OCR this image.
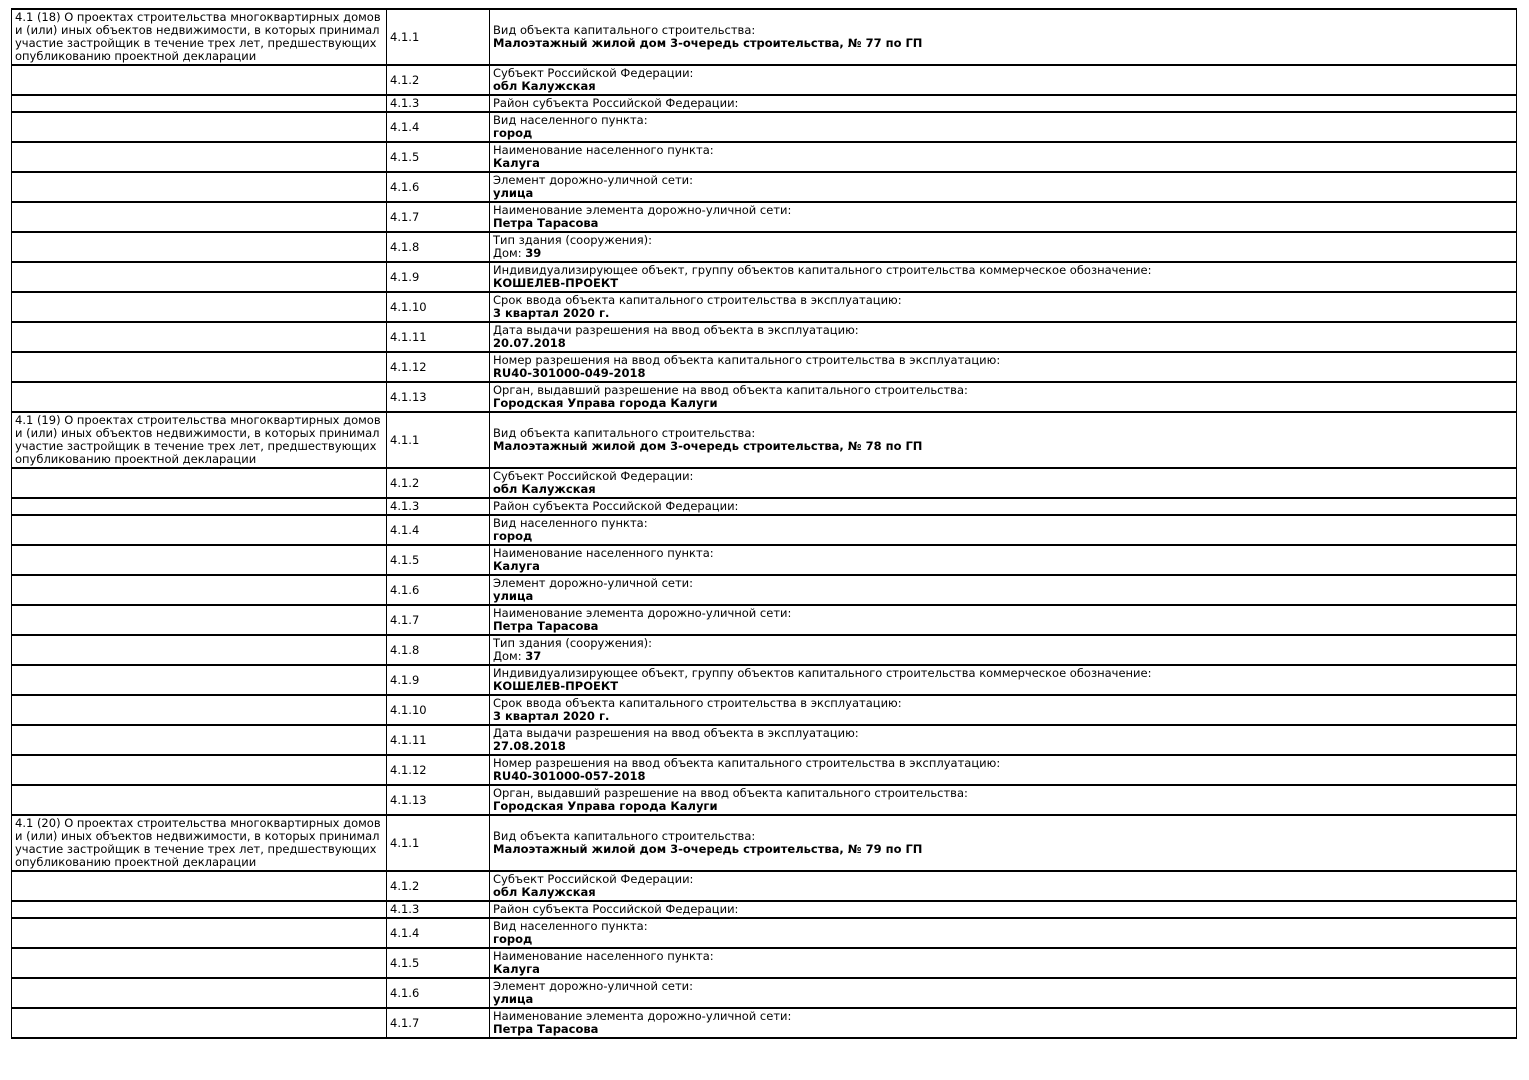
4.1 (18) О проектах строительства многоквартирных домов и (или) иных объектов недвижимости, в которых принимал участие застройщик в течение трех лет, предшествующих опубликованию проектной декларации	4.1.1	Вид объекта капитального строительства:
Малоэтажный жилой дом 3-очередь строительства, № 77 по ГП

	4.1.2	Субъект Российской Федерации:
обл Калужская

	4.1.3	Район субъекта Российской Федерации:

	4.1.4	Вид населенного пункта:
город

	4.1.5	Наименование населенного пункта:
Калуга

	4.1.6	Элемент дорожно-уличной сети:
улица

	4.1.7	Наименование элемента дорожно-уличной сети:
Петра Тарасова

	4.1.8	Тип здания (сооружения):
Дом: 39

	4.1.9	Индивидуализирующее объект, группу объектов капитального строительства коммерческое обозначение:
КОШЕЛЕВ-ПРОЕКТ

	4.1.10	Срок ввода объекта капитального строительства в эксплуатацию:
3 квартал 2020 г.

	4.1.11	Дата выдачи разрешения на ввод объекта в эксплуатацию:
20.07.2018

	4.1.12	Номер разрешения на ввод объекта капитального строительства в эксплуатацию:
RU40-301000-049-2018

	4.1.13	Орган, выдавший разрешение на ввод объекта капитального строительства:
Городская Управа города Калуги

4.1 (19) О проектах строительства многоквартирных домов и (или) иных объектов недвижимости, в которых принимал участие застройщик в течение трех лет, предшествующих опубликованию проектной декларации	4.1.1	Вид объекта капитального строительства:
Малоэтажный жилой дом 3-очередь строительства, № 78 по ГП

	4.1.2	Субъект Российской Федерации:
обл Калужская

	4.1.3	Район субъекта Российской Федерации:

	4.1.4	Вид населенного пункта:
город

	4.1.5	Наименование населенного пункта:
Калуга

	4.1.6	Элемент дорожно-уличной сети:
улица

	4.1.7	Наименование элемента дорожно-уличной сети:
Петра Тарасова

	4.1.8	Тип здания (сооружения):
Дом: 37

	4.1.9	Индивидуализирующее объект, группу объектов капитального строительства коммерческое обозначение:
КОШЕЛЕВ-ПРОЕКТ

	4.1.10	Срок ввода объекта капитального строительства в эксплуатацию:
3 квартал 2020 г.

	4.1.11	Дата выдачи разрешения на ввод объекта в эксплуатацию:
27.08.2018

	4.1.12	Номер разрешения на ввод объекта капитального строительства в эксплуатацию:
RU40-301000-057-2018

	4.1.13	Орган, выдавший разрешение на ввод объекта капитального строительства:
Городская Управа города Калуги

4.1 (20) О проектах строительства многоквартирных домов и (или) иных объектов недвижимости, в которых принимал участие застройщик в течение трех лет, предшествующих опубликованию проектной декларации	4.1.1	Вид объекта капитального строительства:
Малоэтажный жилой дом 3-очередь строительства, № 79 по ГП

	4.1.2	Субъект Российской Федерации:
обл Калужская

	4.1.3	Район субъекта Российской Федерации:

	4.1.4	Вид населенного пункта:
город

	4.1.5	Наименование населенного пункта:
Калуга

	4.1.6	Элемент дорожно-уличной сети:
улица

	4.1.7	Наименование элемента дорожно-уличной сети:
Петра Тарасова
